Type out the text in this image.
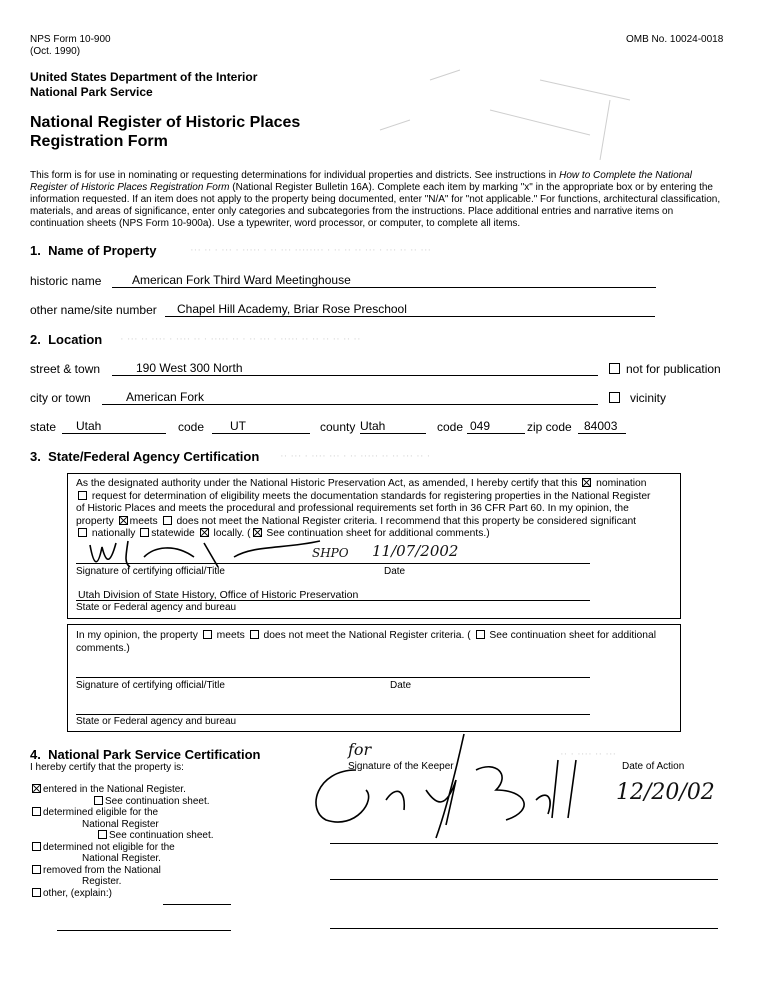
NPS Form 10-900
(Oct. 1990)
OMB No. 10024-0018
United States Department of the Interior
National Park Service
National Register of Historic Places
Registration Form
This form is for use in nominating or requesting determinations for individual properties and districts. See instructions in How to Complete the National
Register of Historic Places Registration Form (National Register Bulletin 16A). Complete each item by marking "x" in the appropriate box or by entering the
information requested. If an item does not apply to the property being documented, enter "N/A" for "not applicable." For functions, architectural classification,
materials, and areas of significance, enter only categories and subcategories from the instructions. Place additional entries and narrative items on
continuation sheets (NPS Form 10-900a). Use a typewriter, word processor, or computer, to complete all items.
1. Name of Property	··· ·· · ··· · ····· · ·· ··· ········ · ·· ·· ·· ··· · ··· ·· ·· ···
historic name	American Fork Third Ward Meetinghouse
other name/site number Chapel Hill Academy, Briar Rose Preschool
2. Location · ··· ·· ···· · ···· ·· · ····· ·· · ·· ··· · ····· ·· ·· ·· ·· ·· ··
street & town	190 West 300 North	not for publication
city or town	American Fork	vicinity
state Utah	code UT	county Utah	code 049	zip code 84003
3. State/Federal Agency Certification ·· ··· · ···· ··· · ·· ····· ·· ·· ··· ·· ·

As the designated authority under the National Historic Preservation Act, as amended, I hereby certify that this nomination

request for determination of eligibility meets the documentation standards for registering properties in the National Register

of Historic Places and meets the procedural and professional requirements set forth in 36 CFR Part 60. In my opinion, the

property meets does not meet the National Register criteria. I recommend that this property be considered significant

nationally statewide locally. ( See continuation sheet for additional comments.)

SHPO 11/07/2002
Signature of certifying official/Title	Date
Utah Division of State History, Office of Historic Preservation
State or Federal agency and bureau

In my opinion, the property meets does not meet the National Register criteria. ( See continuation sheet for additional

comments.)

Signature of certifying official/Title	Date
State or Federal agency and bureau
4. National Park Service Certification	·· · ···· ·· ···
I hereby certify that the property is:
entered in the National Register.
See continuation sheet.
determined eligible for the
National Register
See continuation sheet.
determined not eligible for the
National Register.
removed from the National
Register.
other, (explain:)
Signature of the Keeper	Date of Action
for
12/20/02
